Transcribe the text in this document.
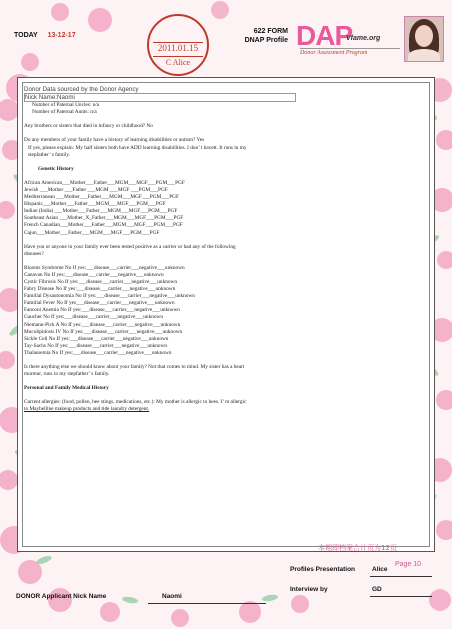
TODAY 13-12-17
2011.01.15
C Alice
622 FORM
DNAP Profile DAP
Vfame.org
Donor Assessment Program
Donor Data sourced by the Donor Agency
Nick Name:Naomi
Number of Paternal Uncles: n/a
Number of Paternal Aunts: n/a
Any brothers or sisters that died in infancy or childhood? No
Do any members of your family have a history of learning disabilities or autism? Yes
If yes, please explain: My half sisters both have ADD learning disabilities. I don’ t havett. It runs in my
stepfather’ s family.
Genetic History
African American___Mother___Father___MGM___MGF___PGM___PGF
Jewish ___Mother ___Father ___MGM ___MGF ___PGM___PGF
Mediterranean ___Mother___Father___MGM___MGF___PGM___PGF
Hispanic___Mother___Father___MGM___MGF___PGM___PGF
Indian (India) ___Mother___Father___MGM___MGF___PGM___PGF
Southeast Asian ___Mother_X_Father___MGM___MGF___PGM___PGF
French Canadian___Mother___Father___MGM___MGF___PGM___PGF
Cajun___Mother___Father___MGM___MGF___PGM___PGF
Have you or anyone in your family ever been tested positive as a carrier or had any of the following
diseases?
Blooms Syndrome No If yes:___disease___carrier___negative___unknown
Canavan No If yes:___disease___carrier___negative___unknown
Cystic Fibrosis No If yes:___disease___carrier___negative___unknown
Fabry Disease No If yes:___disease___carrier___negative___unknown
Familial Dysautonomia No If yes:___disease___carrier___negative___unknown
Familial Fever No If yes___disease___carrier___negative___unknown
Fanconi Anemia No If yes:___disease___carrier___negative___unknown
Gaucher No If yes:___disease___carrier___negative___unknown
Niemann-Pick A No If yes:___disease___carrier___negative___unknown
Mucolipidosis IV No If yes:___disease___carrier___negative___unknown
Sickle Cell No If yes:___disease___carrier___negative___unknown
Tay-Sachs No If yes:___disease___carrier___negative___unknown
Thalassemia No If yes:___disease___carrier___negative___unknown
Is there anything else we should know about your family? Not that comes to mind. My sister has a heart
murmur, runs in my stepfather’ s family.
Personal and Family Medical History
Current allergies: (food, pollen, bee stings, medications, etc.): My mother is allergic to bees. I’ m allergic
to Maybelline makeup products and tide laundry detergent.
本期即档案合计页为12页
Page 10
Profiles Presentation	Alice
Interview by	GD
DONOR Applicant Nick Name	Naomi
